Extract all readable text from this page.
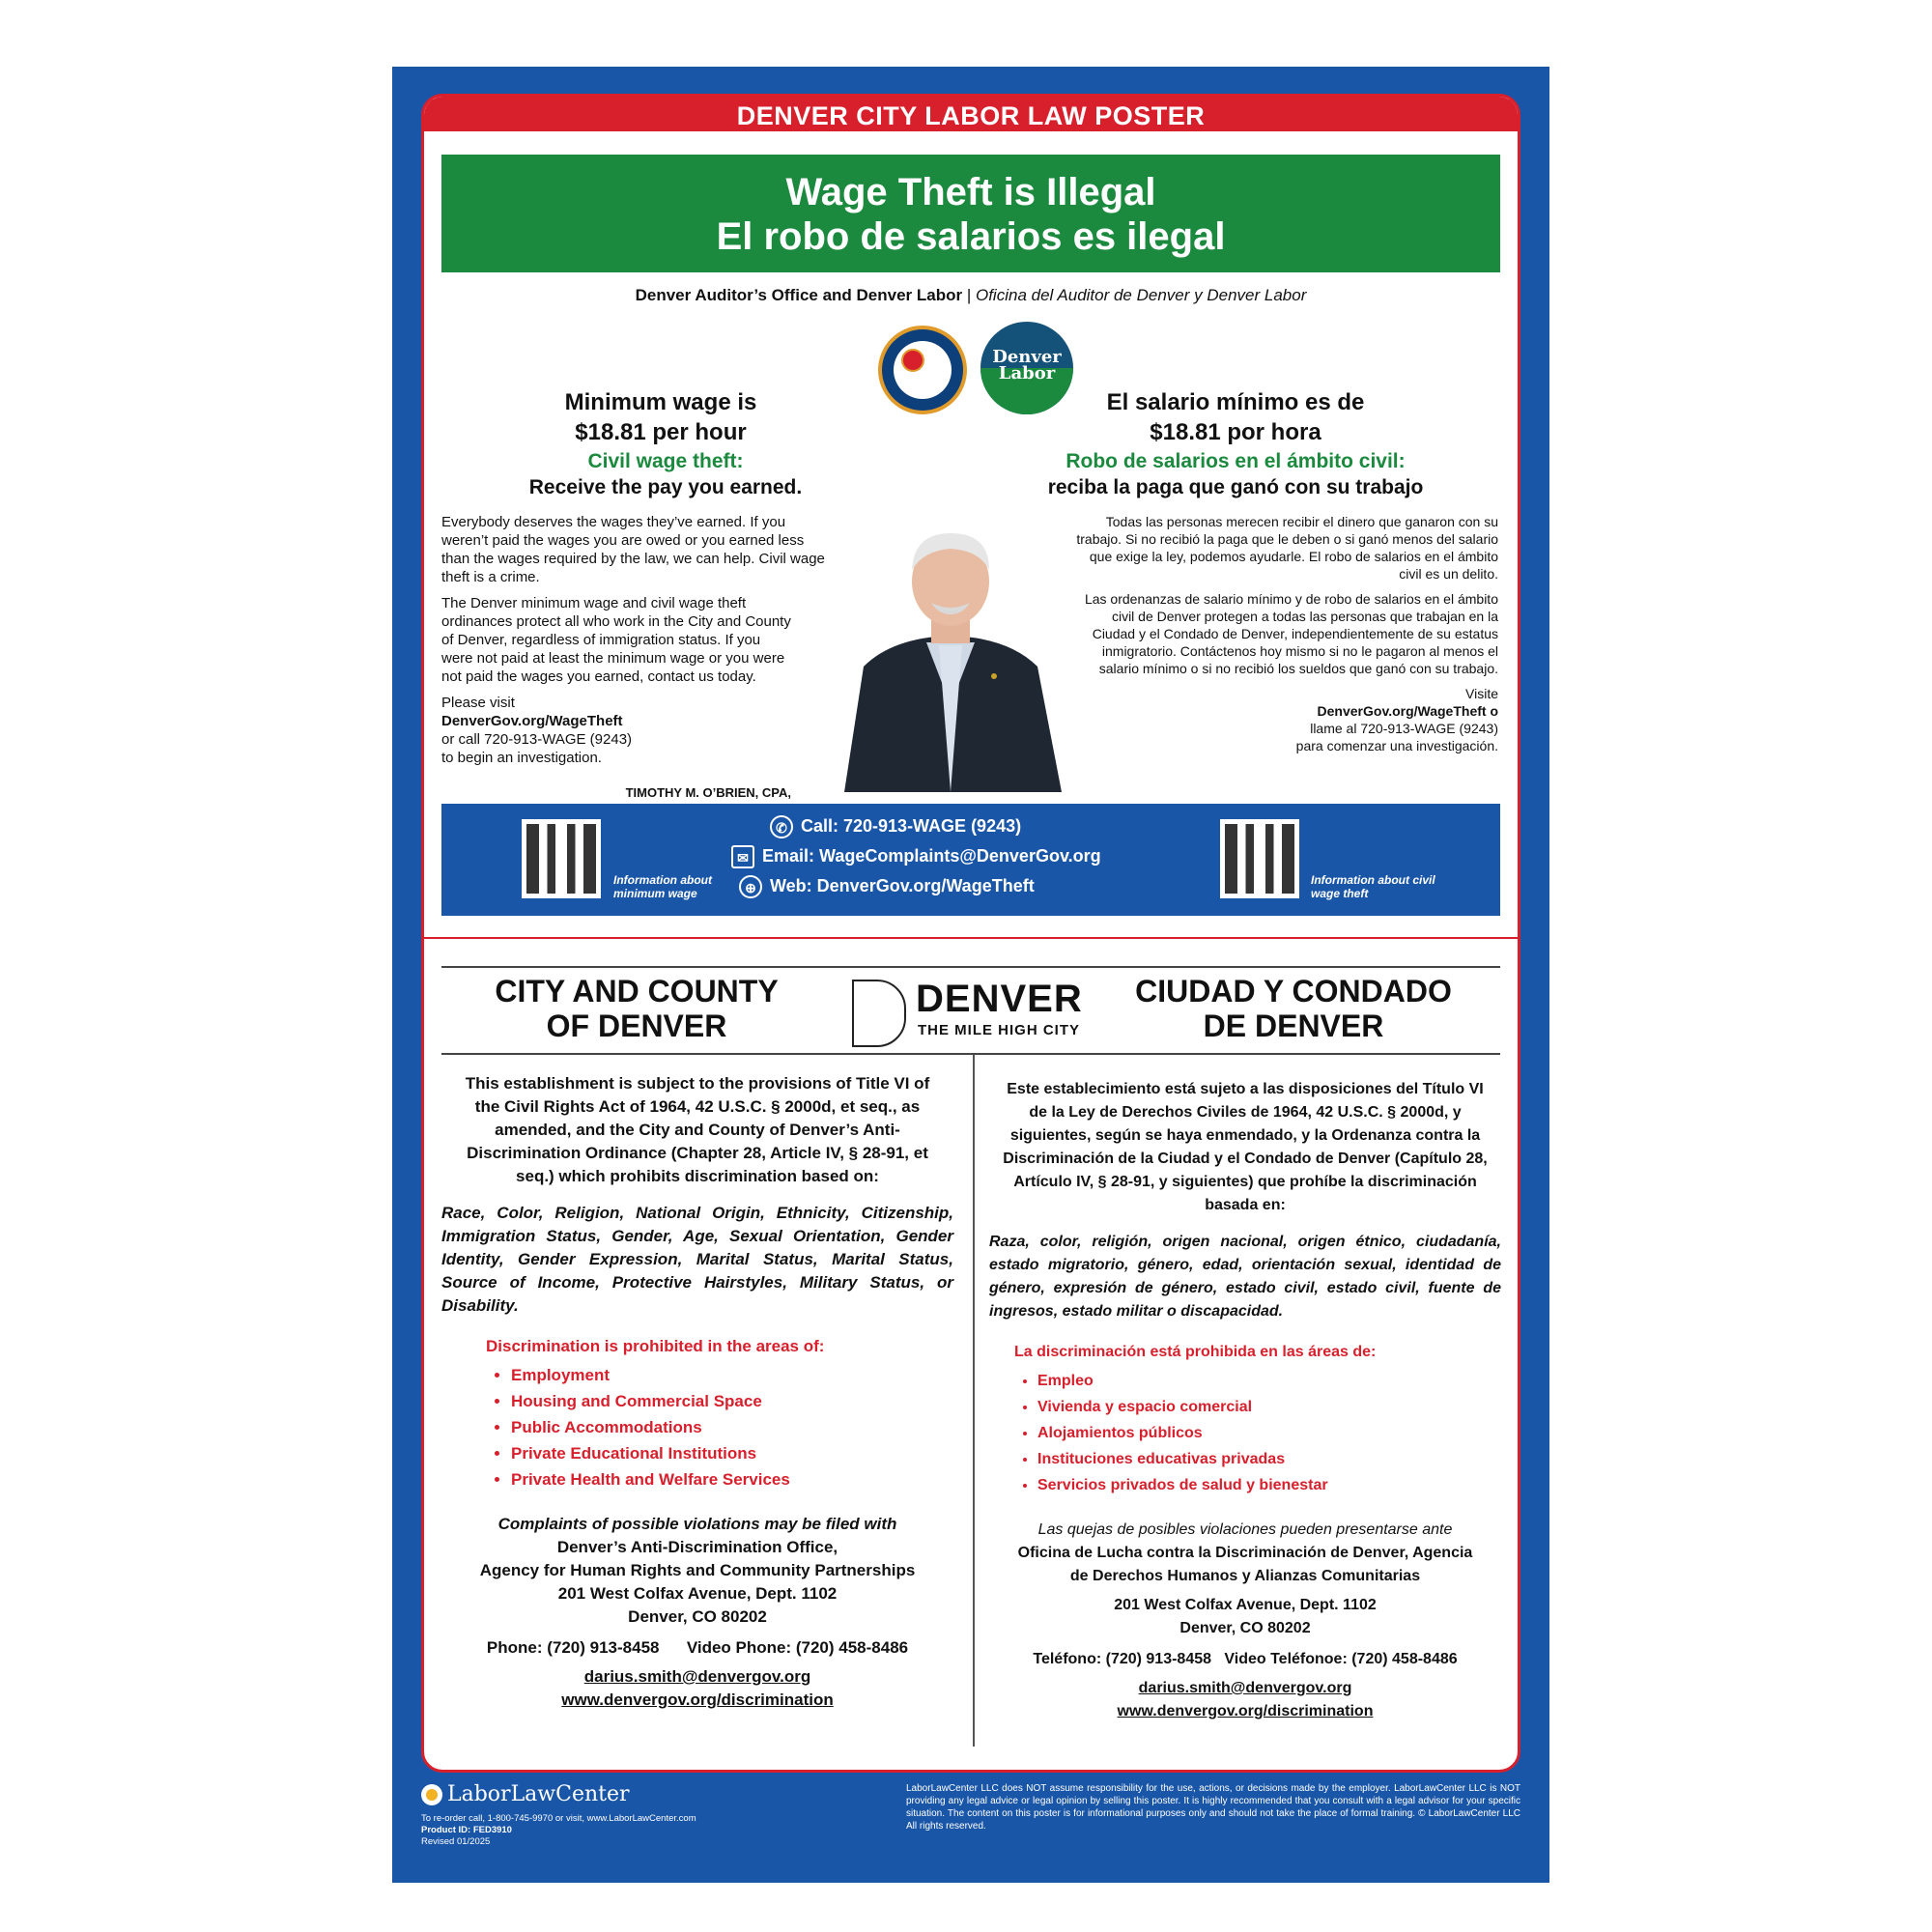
DENVER CITY LABOR LAW POSTER
Wage Theft is Illegal
El robo de salarios es ilegal
Denver Auditor’s Office and Denver Labor | Oficina del Auditor de Denver y Denver Labor
Denver Labor
Minimum wage is
$18.81 per hour
Civil wage theft:
Receive the pay you earned.
El salario mínimo es de
$18.81 por hora
Robo de salarios en el ámbito civil:
reciba la paga que ganó con su trabajo

Everybody deserves the wages they’ve earned. If you weren’t paid the wages you are owed or you earned less than the wages required by the law, we can help. Civil wage theft is a crime.

The Denver minimum wage and civil wage theft ordinances protect all who work in the City and County of Denver, regardless of immigration status. If you were not paid at least the minimum wage or you were not paid the wages you earned, contact us today.

Please visit
DenverGov.org/WageTheft
or call 720-913-WAGE (9243)
to begin an investigation.

Todas las personas merecen recibir el dinero que ganaron con su trabajo. Si no recibió la paga que le deben o si ganó menos del salario que exige la ley, podemos ayudarle. El robo de salarios en el ámbito civil es un delito.

Las ordenanzas de salario mínimo y de robo de salarios en el ámbito civil de Denver protegen a todas las personas que trabajan en la Ciudad y el Condado de Denver, independientemente de su estatus inmigratorio. Contáctenos hoy mismo si no le pagaron al menos el salario mínimo o si no recibió los sueldos que ganó con su trabajo.

Visite
DenverGov.org/WageTheft o
llame al 720-913-WAGE (9243)
para comenzar una investigación.
TIMOTHY M. O’BRIEN, CPA,
Information about minimum wage
✆ Call: 720-913-WAGE (9243)
✉ Email: WageComplaints@DenverGov.org
⊕ Web: DenverGov.org/WageTheft	Information about civil wage theft
CITY AND COUNTY
OF DENVER
DENVER
THE MILE HIGH CITY
CIUDAD Y CONDADO
DE DENVER
This establishment is subject to the provisions of Title VI of the Civil Rights Act of 1964, 42 U.S.C. § 2000d, et seq., as amended, and the City and County of Denver’s Anti-Discrimination Ordinance (Chapter 28, Article IV, § 28-91, et seq.) which prohibits discrimination based on:
Race, Color, Religion, National Origin, Ethnicity, Citizenship, Immigration Status, Gender, Age, Sexual Orientation, Gender Identity, Gender Expression, Marital Status, Marital Status, Source of Income, Protective Hairstyles, Military Status, or Disability.
Discrimination is prohibited in the areas of:
• Employment
• Housing and Commercial Space
• Public Accommodations
• Private Educational Institutions
• Private Health and Welfare Services
Complaints of possible violations may be filed with
Denver’s Anti-Discrimination Office,
Agency for Human Rights and Community Partnerships
201 West Colfax Avenue, Dept. 1102
Denver, CO 80202
Phone: (720) 913-8458      Video Phone: (720) 458-8486
darius.smith@denvergov.org
www.denvergov.org/discrimination
Este establecimiento está sujeto a las disposiciones del Título VI de la Ley de Derechos Civiles de 1964, 42 U.S.C. § 2000d, y siguientes, según se haya enmendado, y la Ordenanza contra la Discriminación de la Ciudad y el Condado de Denver (Capítulo 28, Artículo IV, § 28-91, y siguientes) que prohíbe la discriminación basada en:
Raza, color, religión, origen nacional, origen étnico, ciudadanía, estado migratorio, género, edad, orientación sexual, identidad de género, expresión de género, estado civil, estado civil, fuente de ingresos, estado militar o discapacidad.
La discriminación está prohibida en las áreas de:
• Empleo
• Vivienda y espacio comercial
• Alojamientos públicos
• Instituciones educativas privadas
• Servicios privados de salud y bienestar
Las quejas de posibles violaciones pueden presentarse ante
Oficina de Lucha contra la Discriminación de Denver, Agencia
de Derechos Humanos y Alianzas Comunitarias
201 West Colfax Avenue, Dept. 1102
Denver, CO 80202
Teléfono: (720) 913-8458   Video Teléfonoe: (720) 458-8486
darius.smith@denvergov.org
www.denvergov.org/discrimination
LaborLawCenter
To re-order call, 1-800-745-9970 or visit, www.LaborLawCenter.com
Product ID: FED3910
Revised 01/2025
LaborLawCenter LLC does NOT assume responsibility for the use, actions, or decisions made by the employer. LaborLawCenter LLC is NOT providing any legal advice or legal opinion by selling this poster. It is highly recommended that you consult with a legal advisor for your specific situation. The content on this poster is for informational purposes only and should not take the place of formal training. © LaborLawCenter LLC All rights reserved.
